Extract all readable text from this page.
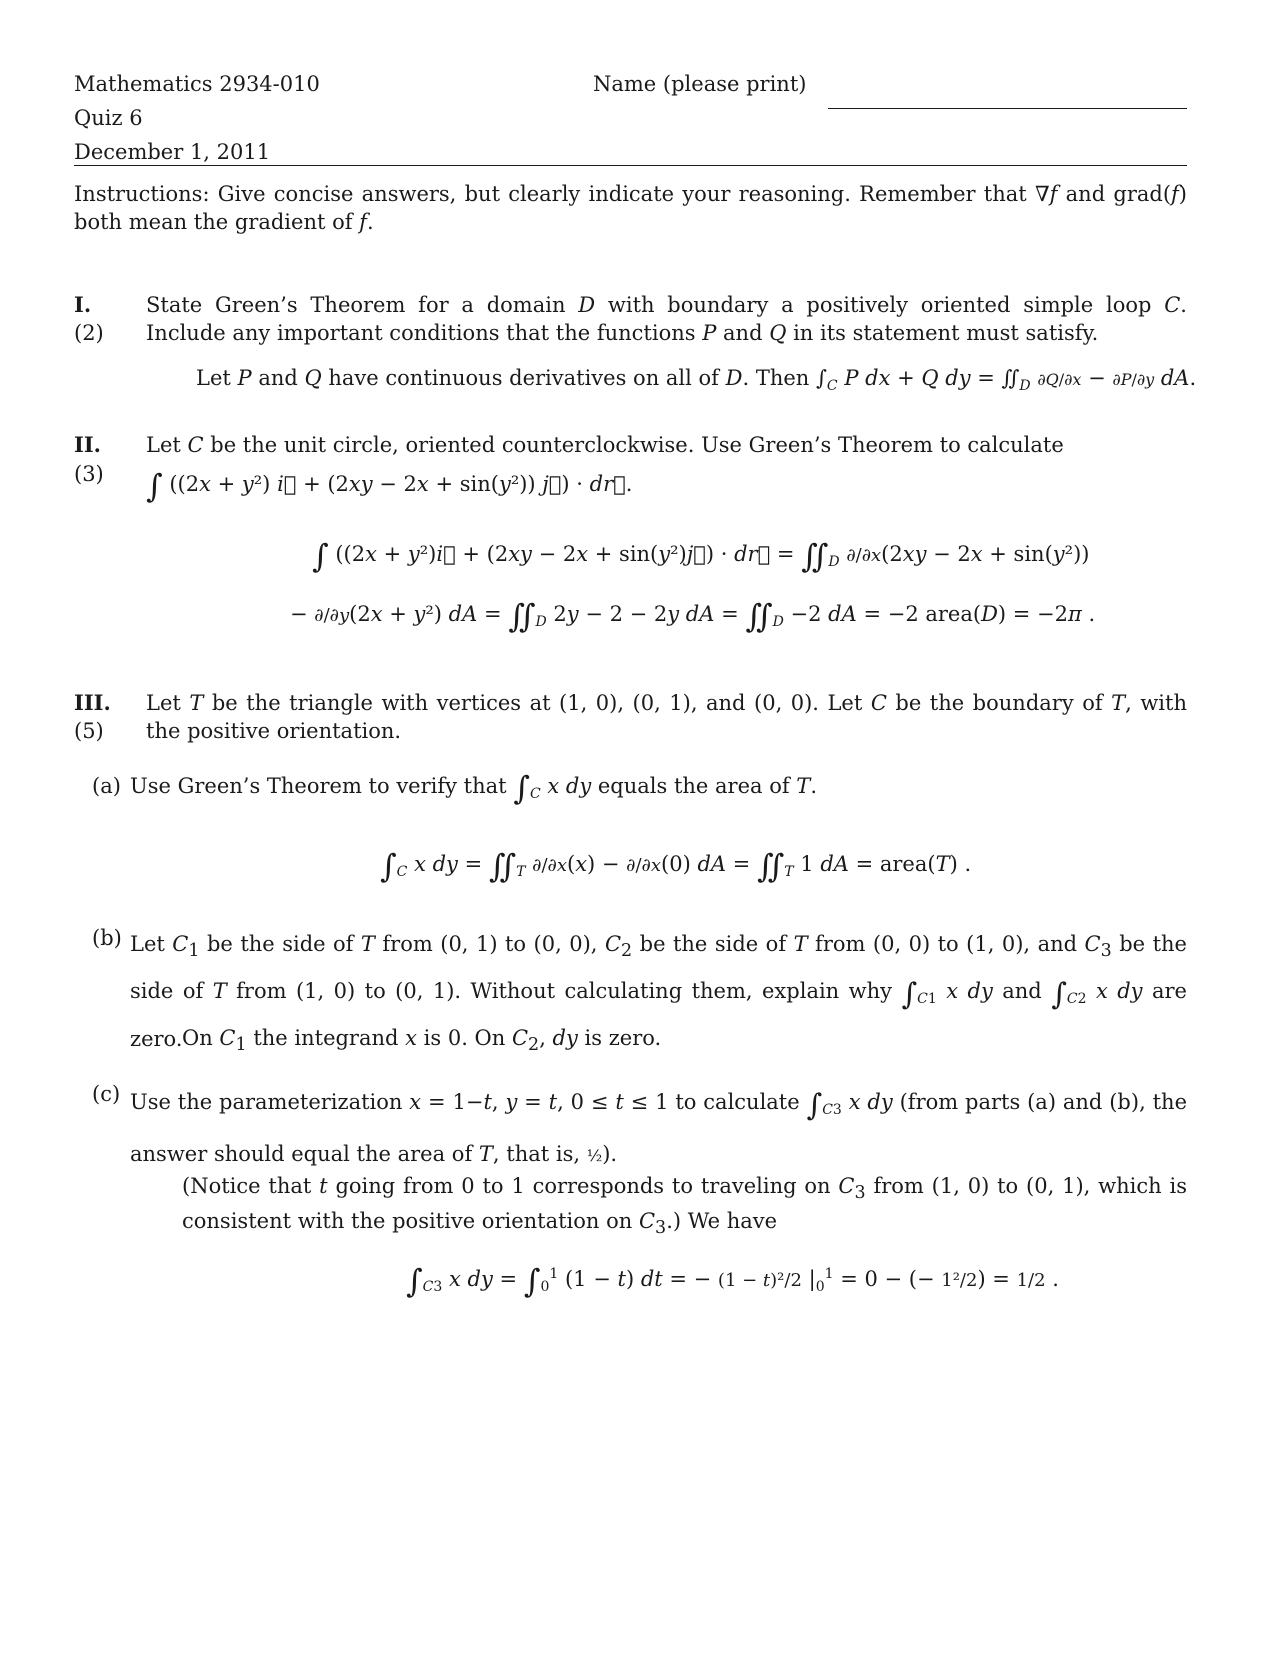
Mathematics 2934-010	Name (please print)
Quiz 6
December 1, 2011
Instructions: Give concise answers, but clearly indicate your reasoning. Remember that ∇f and grad(f) both mean the gradient of f.
I.
(2)
State Green’s Theorem for a domain D with boundary a positively oriented simple loop C. Include any important conditions that the functions P and Q in its statement must satisfy.
Let P and Q have continuous derivatives on all of D. Then $\int_C$ P dx + Q dy = $∬_D$ ∂Q/∂x − ∂P/∂y dA.
II.
(3)
Let C be the unit circle, oriented counterclockwise. Use Green’s Theorem to calculate
∫ ((2x + y²) i⃗ + (2xy − 2x + sin(y²)) j⃗) · dr⃗.
∫ ((2x + y²)i⃗ + (2xy − 2x + sin(y²)j⃗) · dr⃗ = $∬_D$ ∂/∂x(2xy − 2x + sin(y²))
− ∂/∂y(2x + y²) dA = $∬_D$ 2y − 2 − 2y dA = $∬_D -2$ dA = −2 area(D) = −2π .
III.
(5)
Let T be the triangle with vertices at (1, 0), (0, 1), and (0, 0). Let C be the boundary of T, with the positive orientation.
(a) Use Green’s Theorem to verify that $\int_C$ x dy equals the area of T.
$\int_C$ x dy = $∬_T$ ∂/∂x(x) − ∂/∂x(0) dA = $∬_T$ 1 dA = area(T) .
(b) Let $C_1$ be the side of T from (0, 1) to (0, 0), $C_2$ be the side of T from (0, 0) to (1, 0), and $C_3$ be the side of T from (1, 0) to (0, 1). Without calculating them, explain why $\int_{C1}$ x dy and $\int_{C2}$ x dy are zero. On $C_1$ the integrand x is 0. On $C_2$, dy is zero.
(c) Use the parameterization x = 1−t, y = t, 0 ≤ t ≤ 1 to calculate $\int_{C3}$ x dy (from parts (a) and (b), the answer should equal the area of T, that is, ½).
(Notice that t going from 0 to 1 corresponds to traveling on $C_3$ from (1, 0) to (0, 1), which is consistent with the positive orientation on $C_3$.) We have
$\int_{C3}$ x dy = $\int_0^1$ (1 − t) dt = − (1 − t)²/2 $|_0^1 = 0$ − (− 1²/2) = 1/2 .
